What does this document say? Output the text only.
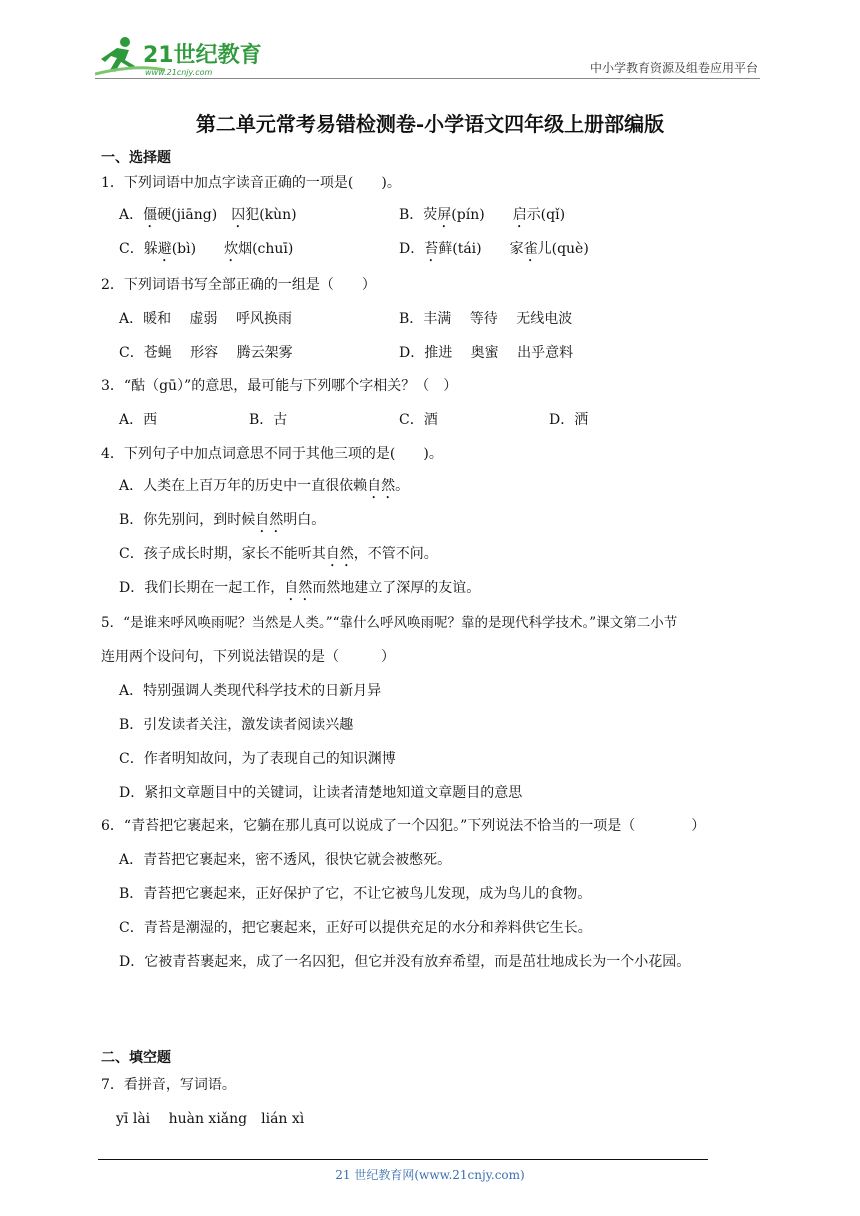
21世纪教育
www.21cnjy.com	中小学教育资源及组卷应用平台
第二单元常考易错检测卷-小学语文四年级上册部编版
一、选择题
1．下列词语中加点字读音正确的一项是(　　)。
A．僵硬(jiāng)　囚犯(kùn)	B．荧屏(pín)　　启示(qǐ)
C．躲避(bì)　　炊烟(chuī)	D．苔藓(tái)　　家雀儿(què)
2．下列词语书写全部正确的一组是（　　）
A．暖和　 虚弱　 呼风换雨	B．丰满　 等待　 无线电波
C．苍蝇　 形容　 腾云架雾	D．推进　 奥蜜　 出乎意料
3．“酤（gū）”的意思，最可能与下列哪个字相关？（　）
A．西	B．古	C．酒	D．洒
4．下列句子中加点词意思不同于其他三项的是(　　)。
A．人类在上百万年的历史中一直很依赖自然。
B．你先别问，到时候自然明白。
C．孩子成长时期，家长不能听其自然，不管不问。
D．我们长期在一起工作，自然而然地建立了深厚的友谊。
5．“是谁来呼风唤雨呢？当然是人类。”“靠什么呼风唤雨呢？靠的是现代科学技术。”课文第二小节
连用两个设问句，下列说法错误的是（　　　）
A．特别强调人类现代科学技术的日新月异
B．引发读者关注，激发读者阅读兴趣
C．作者明知故问，为了表现自己的知识渊博
D．紧扣文章题目中的关键词，让读者清楚地知道文章题目的意思
6．“青苔把它裹起来，它躺在那儿真可以说成了一个囚犯。”下列说法不恰当的一项是（　　　　）
A．青苔把它裹起来，密不透风，很快它就会被憋死。
B．青苔把它裹起来，正好保护了它，不让它被鸟儿发现，成为鸟儿的食物。
C．青苔是潮湿的，把它裹起来，正好可以提供充足的水分和养料供它生长。
D．它被青苔裹起来，成了一名囚犯，但它并没有放弃希望，而是茁壮地成长为一个小花园。
二、填空题
7．看拼音，写词语。
yī lài　 huàn xiǎng　lián xì
21 世纪教育网(www.21cnjy.com)
